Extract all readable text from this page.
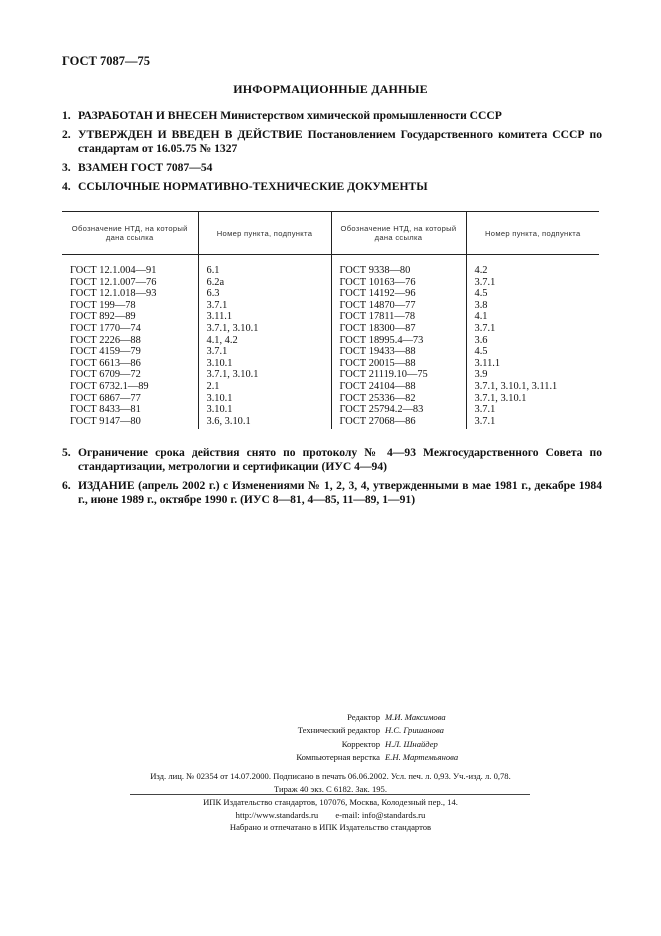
ГОСТ 7087—75
ИНФОРМАЦИОННЫЕ ДАННЫЕ
1. РАЗРАБОТАН И ВНЕСЕН Министерством химической промышленности СССР
2. УТВЕРЖДЕН И ВВЕДЕН В ДЕЙСТВИЕ Постановлением Государственного комитета СССР по стандартам от 16.05.75 № 1327
3. ВЗАМЕН ГОСТ 7087—54
4. ССЫЛОЧНЫЕ НОРМАТИВНО-ТЕХНИЧЕСКИЕ ДОКУМЕНТЫ
Обозначение НТД, на который дана ссылка	Номер пункта, подпункта	Обозначение НТД, на который дана ссылка	Номер пункта, подпункта
ГОСТ 12.1.004—91	6.1	ГОСТ 9338—80	4.2
ГОСТ 12.1.007—76	6.2а	ГОСТ 10163—76	3.7.1
ГОСТ 12.1.018—93	6.3	ГОСТ 14192—96	4.5
ГОСТ 199—78	3.7.1	ГОСТ 14870—77	3.8
ГОСТ 892—89	3.11.1	ГОСТ 17811—78	4.1
ГОСТ 1770—74	3.7.1, 3.10.1	ГОСТ 18300—87	3.7.1
ГОСТ 2226—88	4.1, 4.2	ГОСТ 18995.4—73	3.6
ГОСТ 4159—79	3.7.1	ГОСТ 19433—88	4.5
ГОСТ 6613—86	3.10.1	ГОСТ 20015—88	3.11.1
ГОСТ 6709—72	3.7.1, 3.10.1	ГОСТ 21119.10—75	3.9
ГОСТ 6732.1—89	2.1	ГОСТ 24104—88	3.7.1, 3.10.1, 3.11.1
ГОСТ 6867—77	3.10.1	ГОСТ 25336—82	3.7.1, 3.10.1
ГОСТ 8433—81	3.10.1	ГОСТ 25794.2—83	3.7.1
ГОСТ 9147—80	3.6, 3.10.1	ГОСТ 27068—86	3.7.1
5. Ограничение срока действия снято по протоколу № 4—93 Межгосударственного Совета по стандартизации, метрологии и сертификации (ИУС 4—94)
6. ИЗДАНИЕ (апрель 2002 г.) с Изменениями № 1, 2, 3, 4, утвержденными в мае 1981 г., декабре 1984 г., июне 1989 г., октябре 1990 г. (ИУС 8—81, 4—85, 11—89, 1—91)
Редактор М.И. Максимова
Технический редактор Н.С. Гришанова
Корректор Н.Л. Шнайдер
Компьютерная верстка Е.Н. Мартемьянова
Изд. лиц. № 02354 от 14.07.2000. Подписано в печать 06.06.2002. Усл. печ. л. 0,93. Уч.-изд. л. 0,78.
Тираж 40 экз. С 6182. Зак. 195.
ИПК Издательство стандартов, 107076, Москва, Колодезный пер., 14.
http://www.standards.ru        e-mail: info@standards.ru
Набрано и отпечатано в ИПК Издательство стандартов
